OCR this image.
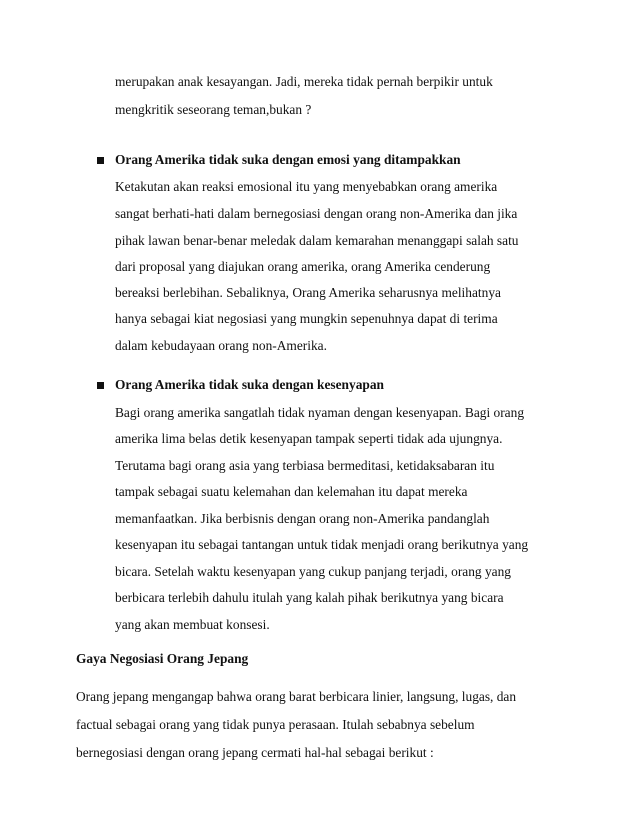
merupakan anak kesayangan. Jadi, mereka tidak pernah berpikir untuk
mengkritik seseorang teman,bukan ?
Orang Amerika tidak suka dengan emosi yang ditampakkan
Ketakutan akan reaksi emosional itu yang menyebabkan orang amerika
sangat berhati-hati dalam bernegosiasi dengan orang non-Amerika dan jika
pihak lawan benar-benar meledak dalam kemarahan menanggapi salah satu
dari proposal yang diajukan orang amerika, orang Amerika cenderung
bereaksi berlebihan. Sebaliknya, Orang Amerika seharusnya melihatnya
hanya sebagai kiat negosiasi yang mungkin sepenuhnya dapat di terima
dalam kebudayaan orang non-Amerika.
Orang Amerika tidak suka dengan kesenyapan
Bagi orang amerika sangatlah tidak nyaman dengan kesenyapan. Bagi orang
amerika lima belas detik kesenyapan tampak seperti tidak ada ujungnya.
Terutama bagi orang asia yang terbiasa bermeditasi, ketidaksabaran itu
tampak sebagai suatu kelemahan dan kelemahan itu dapat mereka
memanfaatkan. Jika berbisnis dengan orang non-Amerika pandanglah
kesenyapan itu sebagai tantangan untuk tidak menjadi orang berikutnya yang
bicara. Setelah waktu kesenyapan yang cukup panjang terjadi, orang yang
berbicara terlebih dahulu itulah yang kalah pihak berikutnya yang bicara
yang akan membuat konsesi.
Gaya Negosiasi Orang Jepang
Orang jepang mengangap bahwa orang barat berbicara linier, langsung, lugas, dan
factual sebagai orang yang tidak punya perasaan. Itulah sebabnya sebelum
bernegosiasi dengan orang jepang cermati hal-hal sebagai berikut :
